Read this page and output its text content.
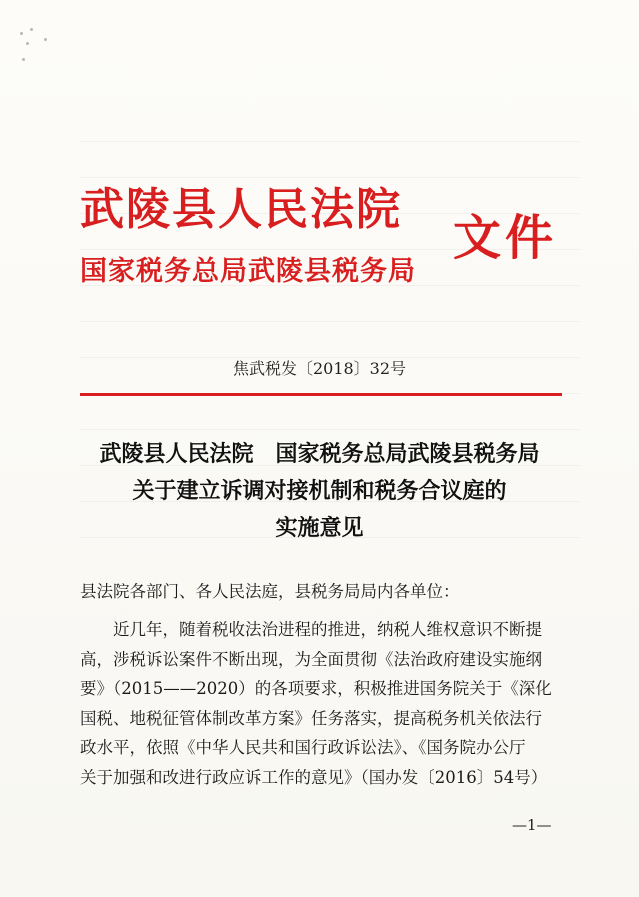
武陵县人民法院
国家税务总局武陵县税务局
文件
焦武税发〔2018〕32号
武陵县人民法院　国家税务总局武陵县税务局
关于建立诉调对接机制和税务合议庭的
实施意见
县法院各部门、各人民法庭，县税务局局内各单位：
　　近几年，随着税收法治进程的推进，纳税人维权意识不断提
高，涉税诉讼案件不断出现，为全面贯彻《法治政府建设实施纲
要》（2015——2020）的各项要求，积极推进国务院关于《深化
国税、地税征管体制改革方案》任务落实，提高税务机关依法行
政水平，依照《中华人民共和国行政诉讼法》、《国务院办公厅
关于加强和改进行政应诉工作的意见》（国办发〔2016〕54号）
—1—
